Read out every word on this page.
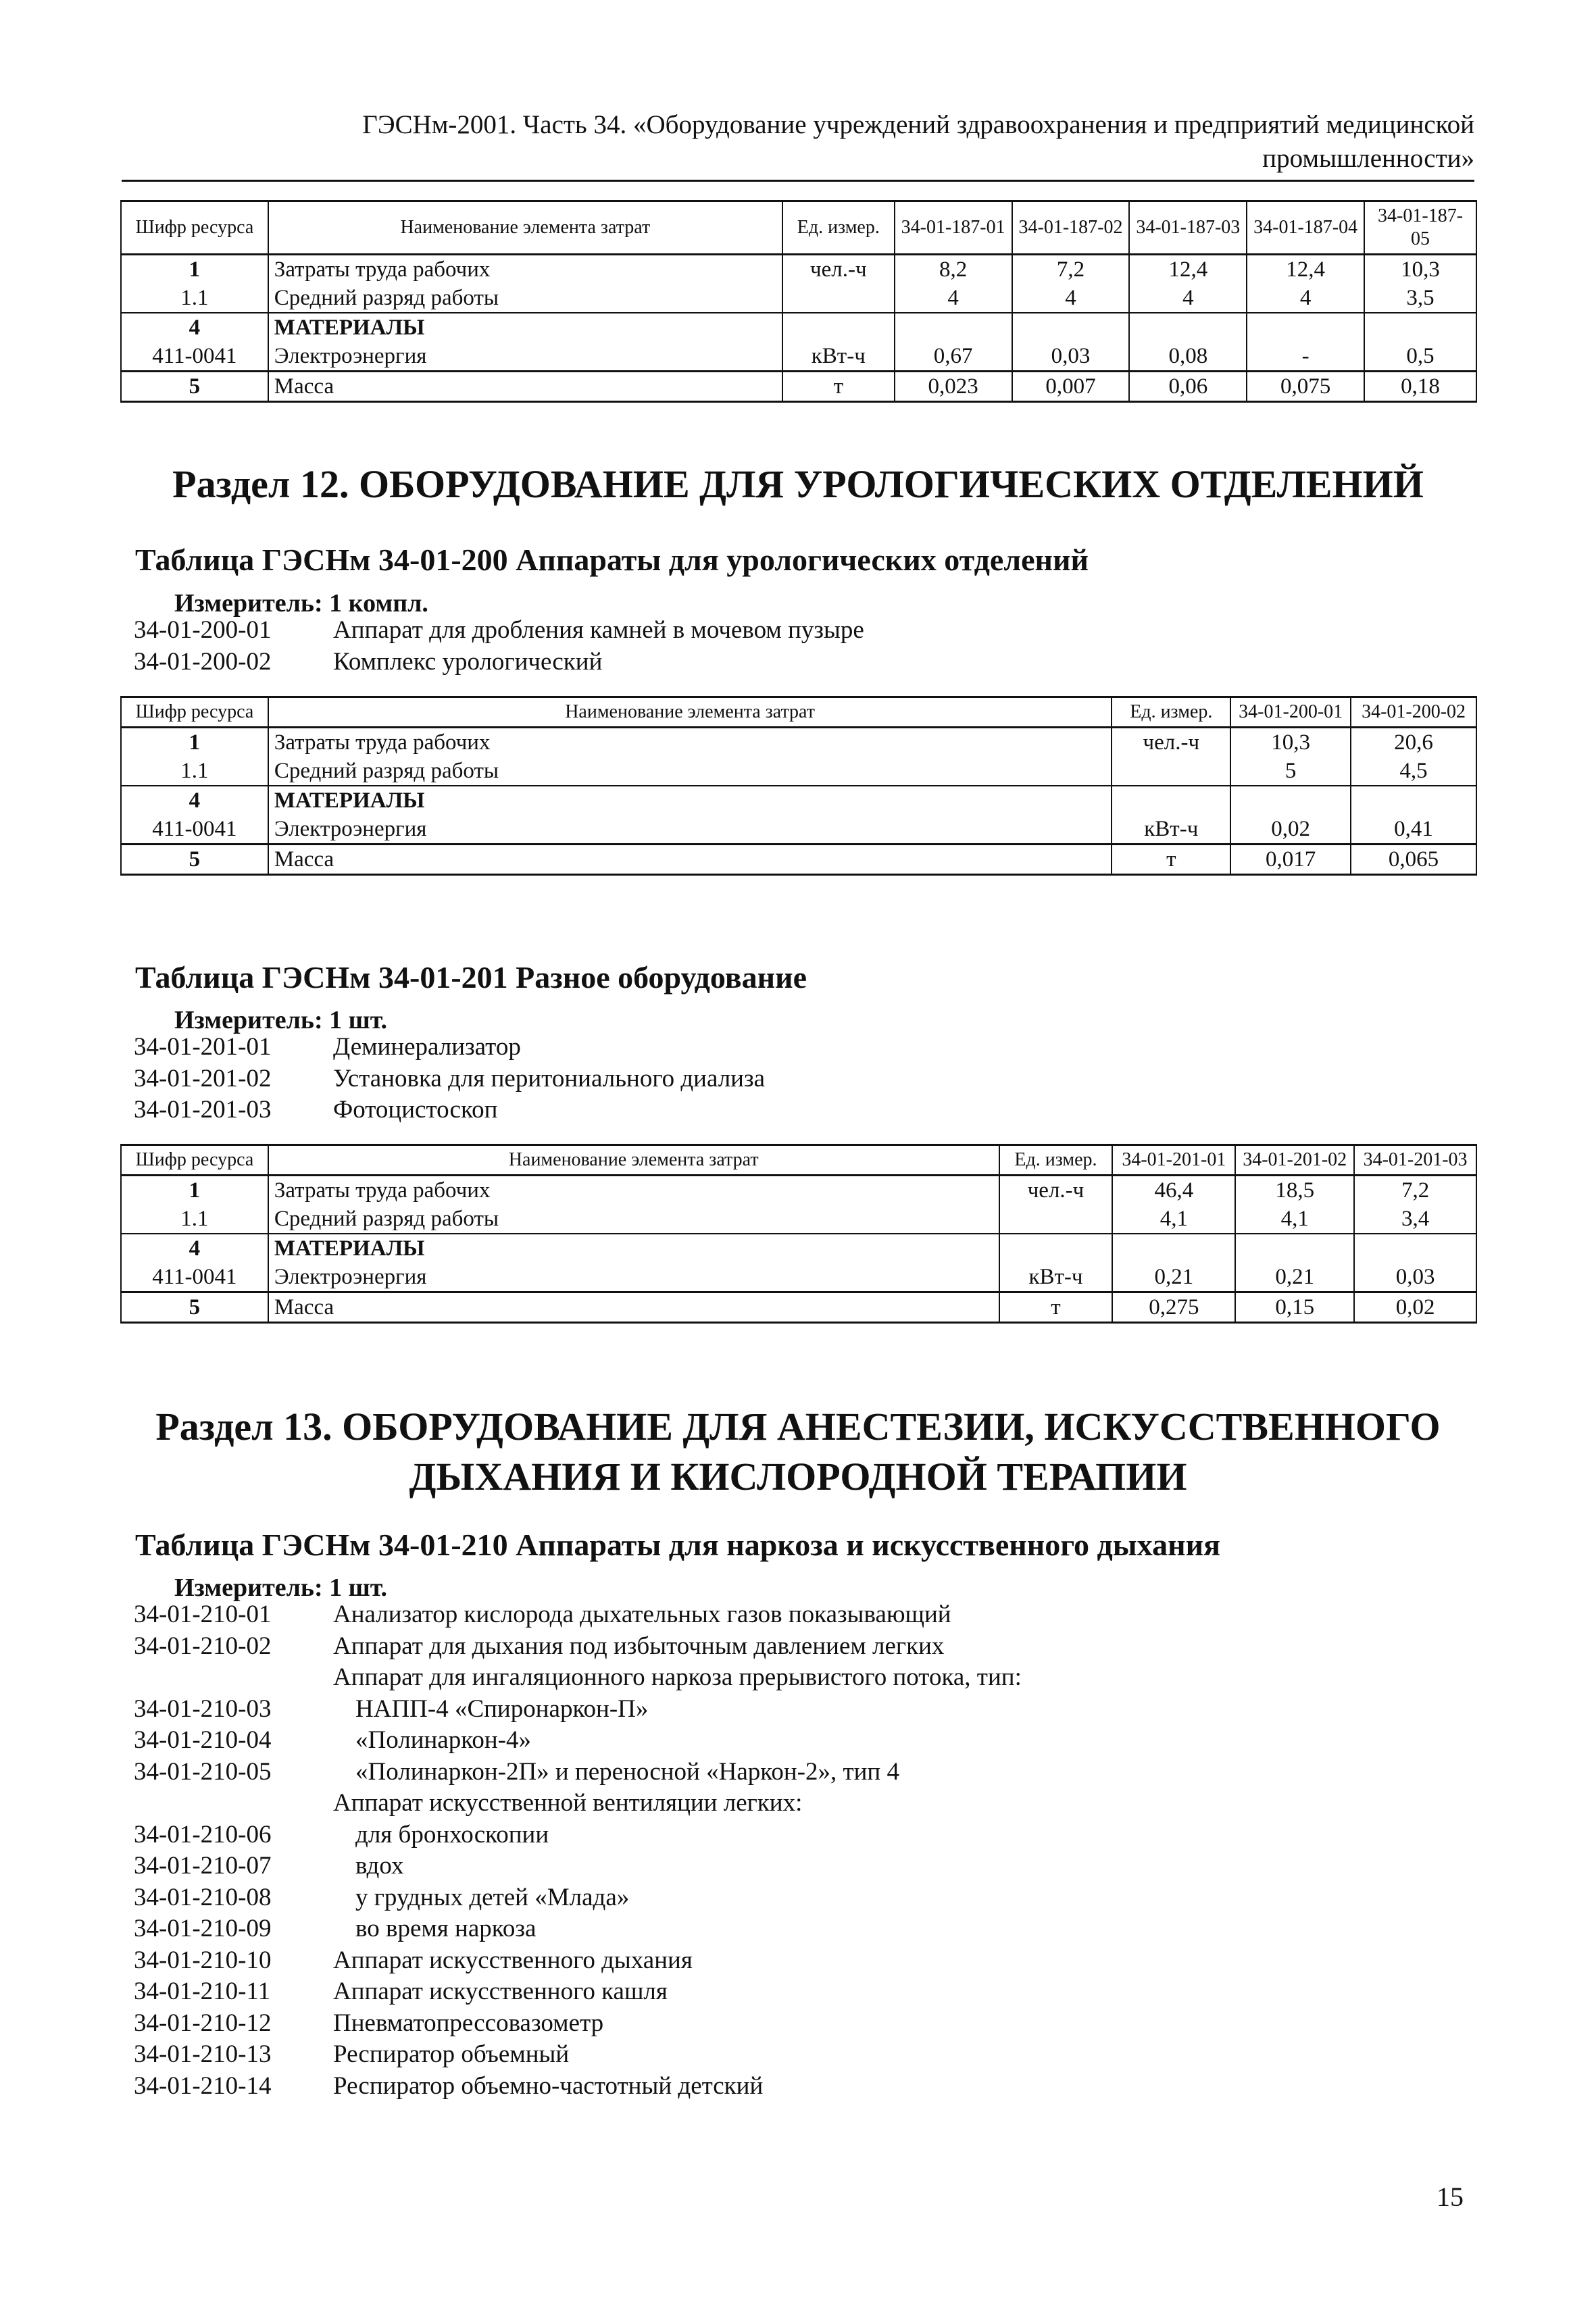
ГЭСНм-2001. Часть 34. «Оборудование учреждений здравоохранения и предприятий медицинской
промышленности»
Шифр ресурса	Наименование элемента затрат	Ед. измер.	34-01-187-01	34-01-187-02	34-01-187-03	34-01-187-04	34-01-187-05
1	Затраты труда рабочих	чел.-ч	8,2	7,2	12,4	12,4	10,3
1.1	Средний разряд работы		4	4	4	4	3,5
4	МАТЕРИАЛЫ						
411-0041	Электроэнергия	кВт-ч	0,67	0,03	0,08	-	0,5
5	Масса	т	0,023	0,007	0,06	0,075	0,18
Раздел 12. ОБОРУДОВАНИЕ ДЛЯ УРОЛОГИЧЕСКИХ ОТДЕЛЕНИЙ
Таблица ГЭСНм 34-01-200 Аппараты для урологических отделений
Измеритель: 1 компл.
34-01-200-01 Аппарат для дробления камней в мочевом пузыре
34-01-200-02 Комплекс урологический
Шифр ресурса	Наименование элемента затрат	Ед. измер.	34-01-200-01	34-01-200-02
1	Затраты труда рабочих	чел.-ч	10,3	20,6
1.1	Средний разряд работы		5	4,5
4	МАТЕРИАЛЫ			
411-0041	Электроэнергия	кВт-ч	0,02	0,41
5	Масса	т	0,017	0,065
Таблица ГЭСНм 34-01-201 Разное оборудование
Измеритель: 1 шт.
34-01-201-01 Деминерализатор
34-01-201-02 Установка для перитониального диализа
34-01-201-03 Фотоцистоскоп
Шифр ресурса	Наименование элемента затрат	Ед. измер.	34-01-201-01	34-01-201-02	34-01-201-03
1	Затраты труда рабочих	чел.-ч	46,4	18,5	7,2
1.1	Средний разряд работы		4,1	4,1	3,4
4	МАТЕРИАЛЫ				
411-0041	Электроэнергия	кВт-ч	0,21	0,21	0,03
5	Масса	т	0,275	0,15	0,02
Раздел 13. ОБОРУДОВАНИЕ ДЛЯ АНЕСТЕЗИИ, ИСКУССТВЕННОГО
ДЫХАНИЯ И КИСЛОРОДНОЙ ТЕРАПИИ
Таблица ГЭСНм 34-01-210 Аппараты для наркоза и искусственного дыхания
Измеритель: 1 шт.
34-01-210-01 Анализатор кислорода дыхательных газов показывающий
34-01-210-02 Аппарат для дыхания под избыточным давлением легких
Аппарат для ингаляционного наркоза прерывистого потока, тип:
34-01-210-03	НАПП-4 «Спиронаркон-П»
34-01-210-04	«Полинаркон-4»
34-01-210-05	«Полинаркон-2П» и переносной «Наркон-2», тип 4
Аппарат искусственной вентиляции легких:
34-01-210-06	для бронхоскопии
34-01-210-07	вдох
34-01-210-08	у грудных детей «Млада»
34-01-210-09	во время наркоза
34-01-210-10 Аппарат искусственного дыхания
34-01-210-11	Аппарат искусственного кашля
34-01-210-12 Пневматопрессовазометр
34-01-210-13 Респиратор объемный
34-01-210-14 Респиратор объемно-частотный детский
15
